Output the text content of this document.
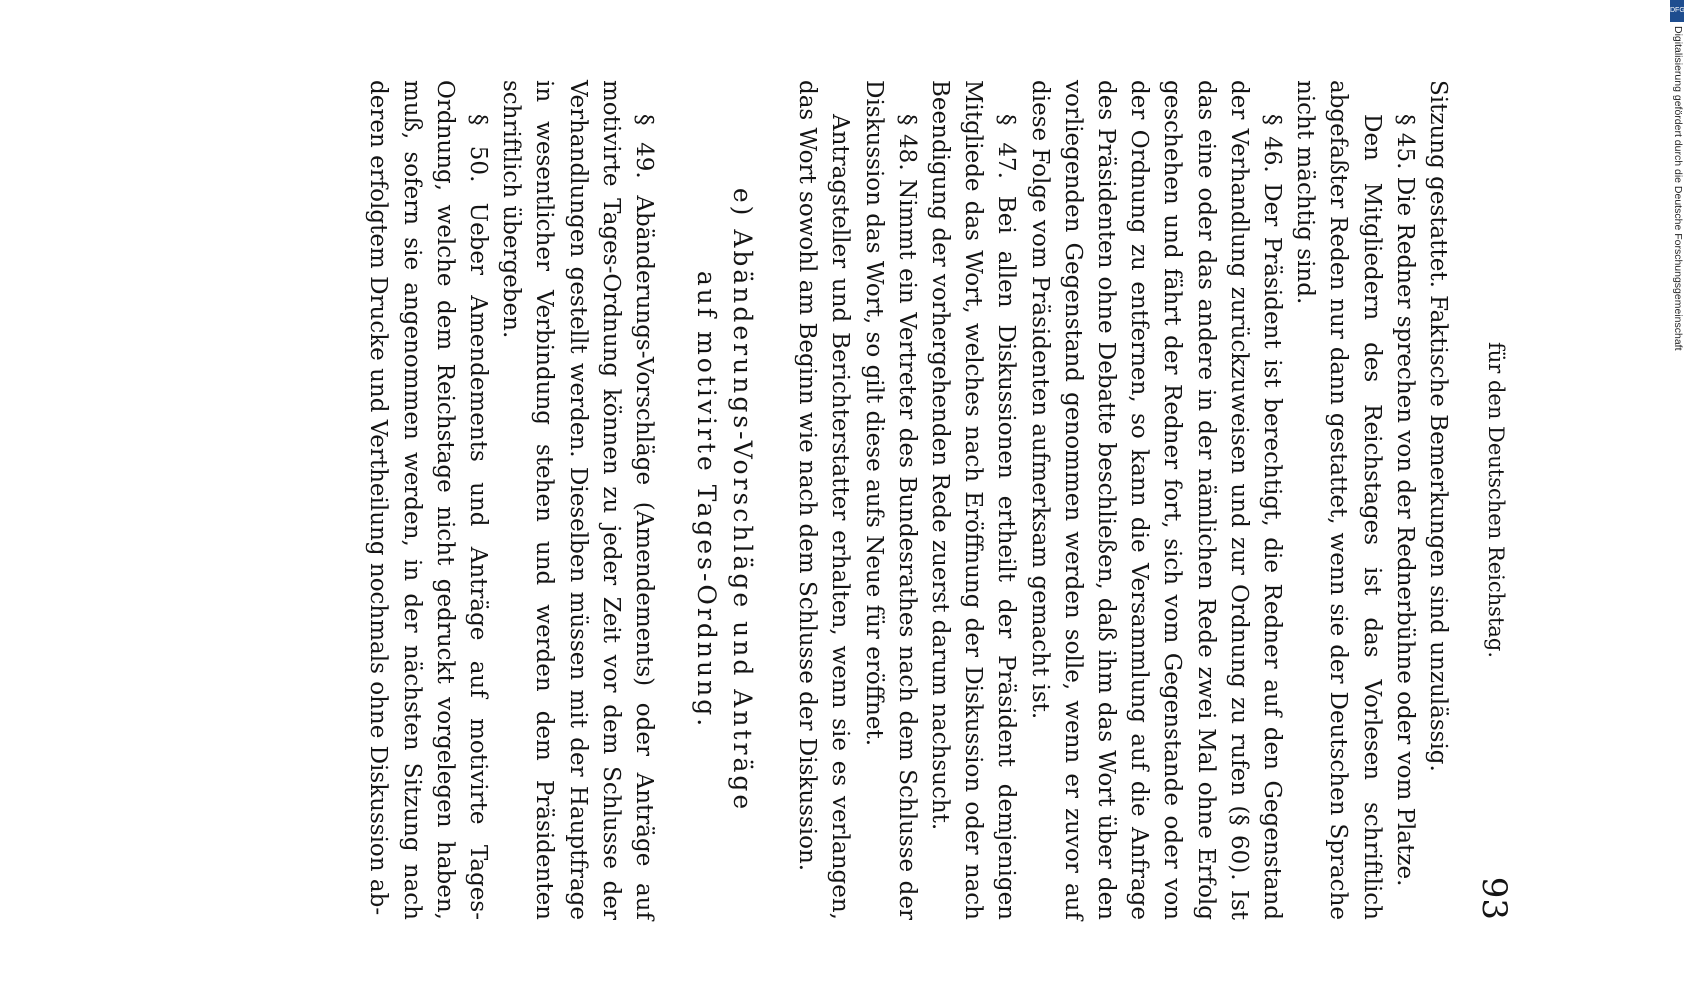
für den Deutschen Reichstag.
93

Sitzung gestattet. Faktische Bemerkungen sind unzulässig.

§ 45. Die Redner sprechen von der Rednerbühne oder vom Platze.

Den Mitgliedern des Reichstages ist das Vorlesen schriftlich abgefaßter Reden nur dann gestattet, wenn sie der Deutschen Sprache nicht mächtig sind.

§ 46. Der Präsident ist berechtigt, die Redner auf den Gegenstand der Verhandlung zurückzuweisen und zur Ordnung zu rufen (§ 60). Ist das eine oder das andere in der nämlichen Rede zwei Mal ohne Erfolg geschehen und fährt der Redner fort, sich vom Gegenstande oder von der Ordnung zu entfernen, so kann die Versammlung auf die Anfrage des Präsidenten ohne Debatte beschließen, daß ihm das Wort über den vorliegenden Gegenstand genommen werden solle, wenn er zuvor auf diese Folge vom Präsidenten aufmerksam gemacht ist.

§ 47. Bei allen Diskussionen ertheilt der Präsident demjenigen Mitgliede das Wort, welches nach Eröffnung der Diskussion oder nach Beendigung der vorhergehenden Rede zuerst darum nachsucht.

§ 48. Nimmt ein Vertreter des Bundesrathes nach dem Schlusse der Diskussion das Wort, so gilt diese aufs Neue für eröffnet.

Antragsteller und Berichterstatter erhalten, wenn sie es verlangen, das Wort sowohl am Beginn wie nach dem Schlusse der Diskussion.

e) Abänderungs-Vorschläge und Anträge
auf motivirte Tages-Ordnung.

§ 49. Abänderungs-Vorschläge (Amendements) oder Anträge auf motivirte Tages-Ordnung können zu jeder Zeit vor dem Schlusse der Verhandlungen gestellt werden. Dieselben müssen mit der Hauptfrage in wesentlicher Verbindung stehen und werden dem Präsidenten schriftlich übergeben.

§ 50. Ueber Amendements und Anträge auf motivirte Tages-Ordnung, welche dem Reichstage nicht gedruckt vorgelegen haben, muß, sofern sie angenommen werden, in der nächsten Sitzung nach deren erfolgtem Drucke und Vertheilung nochmals ohne Diskussion ab-

DFG
Digitalisierung gefördert durch die Deutsche Forschungsgemeinschaft
